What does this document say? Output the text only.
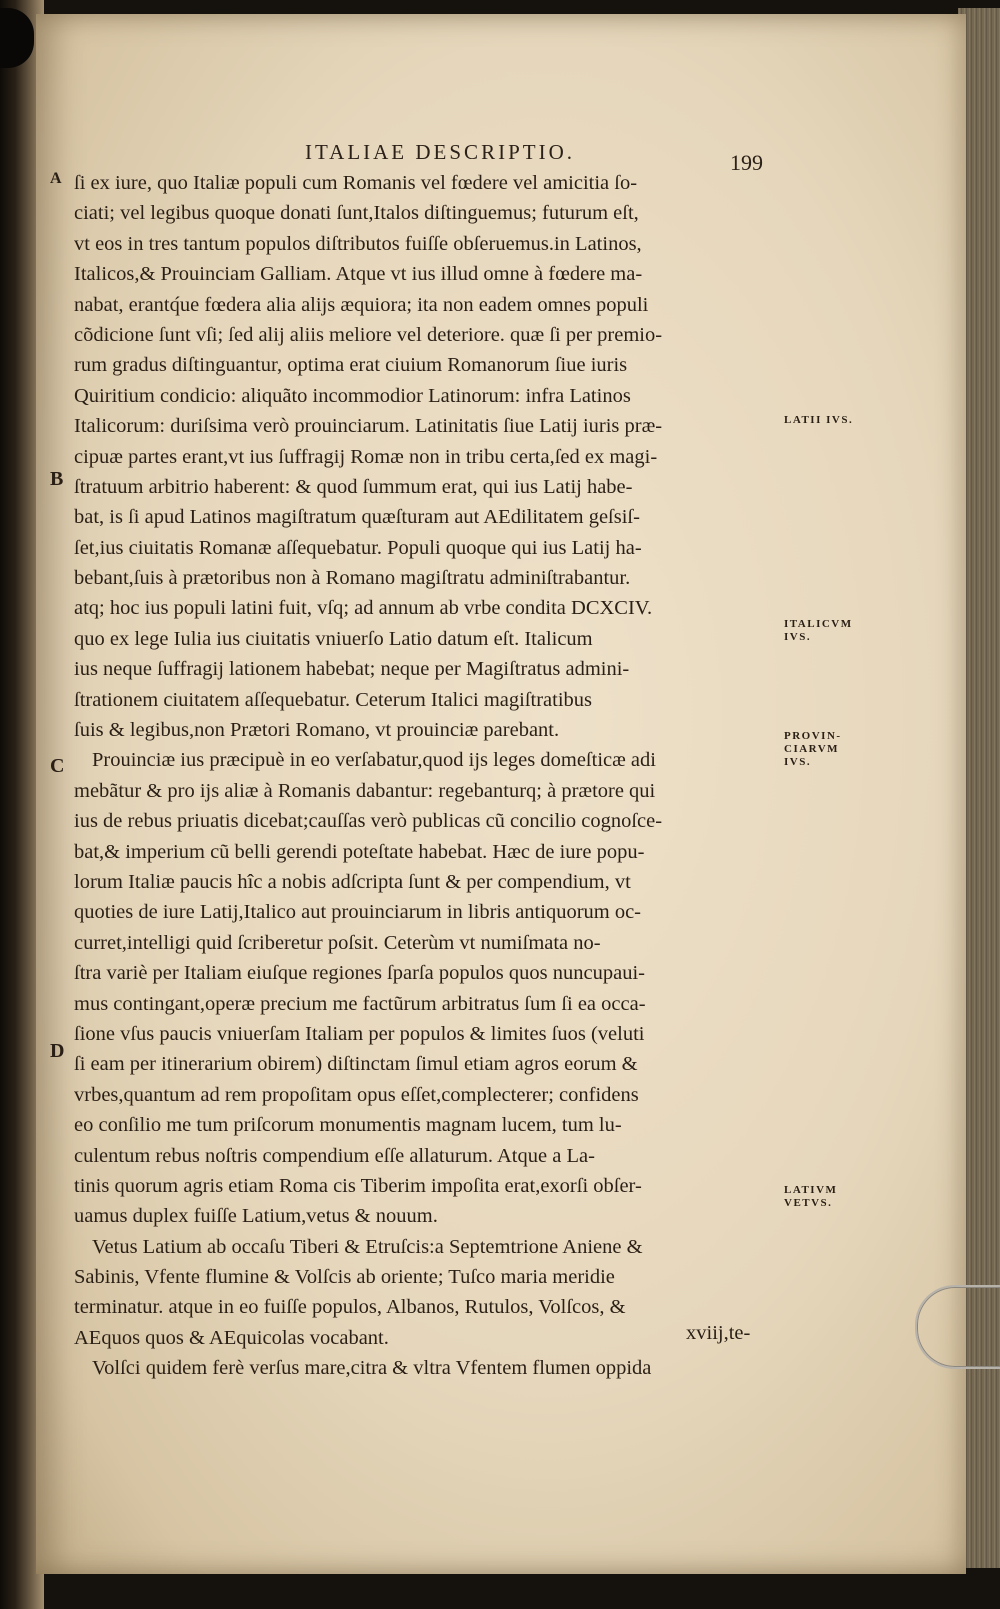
ITALIAE DESCRIPTIO.	199
A
B
C
D
ſi ex iure, quo Italiæ populi cum Romanis vel fœdere vel amicitia ſo-
ciati; vel legibus quoque donati ſunt,Italos diſtinguemus; futurum eſt,
vt eos in tres tantum populos diſtributos fuiſſe obſeruemus.in Latinos,
Italicos,& Prouinciam Galliam. Atque vt ius illud omne à fœdere ma-
nabat, erantq́ue fœdera alia alijs æquiora; ita non eadem omnes populi
cõdicione ſunt vſi; ſed alij aliis meliore vel deteriore. quæ ſi per premio-
rum gradus diſtinguantur, optima erat ciuium Romanorum ſiue iuris
Quiritium condicio: aliquãto incommodior Latinorum: infra Latinos
Italicorum: duriſsima verò prouinciarum. Latinitatis ſiue Latij iuris præ-
cipuæ partes erant,vt ius ſuffragij Romæ non in tribu certa,ſed ex magi-
ſtratuum arbitrio haberent: & quod ſummum erat, qui ius Latij habe-
bat, is ſi apud Latinos magiſtratum quæſturam aut AEdilitatem geſsiſ-
ſet,ius ciuitatis Romanæ aſſequebatur. Populi quoque qui ius Latij ha-
bebant,ſuis à prætoribus non à Romano magiſtratu adminiſtrabantur.
atq; hoc ius populi latini fuit, vſq; ad annum ab vrbe condita DCXCIV.
quo ex lege Iulia ius ciuitatis vniuerſo Latio datum eſt. Italicum
ius neque ſuffragij lationem habebat; neque per Magiſtratus admini-
ſtrationem ciuitatem aſſequebatur. Ceterum Italici magiſtratibus
ſuis & legibus,non Prætori Romano, vt prouinciæ parebant.
Prouinciæ ius præcipuè in eo verſabatur,quod ijs leges domeſticæ adi
mebãtur & pro ijs aliæ à Romanis dabantur: regebanturq; à prætore qui
ius de rebus priuatis dicebat;cauſſas verò publicas cũ concilio cognoſce-
bat,& imperium cũ belli gerendi poteſtate habebat. Hæc de iure popu-
lorum Italiæ paucis hîc a nobis adſcripta ſunt & per compendium, vt
quoties de iure Latij,Italico aut prouinciarum in libris antiquorum oc-
curret,intelligi quid ſcriberetur poſsit. Ceterùm vt numiſmata no-
ſtra variè per Italiam eiuſque regiones ſparſa populos quos nuncupaui-
mus contingant,operæ precium me factũrum arbitratus ſum ſi ea occa-
ſione vſus paucis vniuerſam Italiam per populos & limites ſuos (veluti
ſi eam per itinerarium obirem) diſtinctam ſimul etiam agros eorum &
vrbes,quantum ad rem propoſitam opus eſſet,complecterer; confidens
eo conſilio me tum priſcorum monumentis magnam lucem, tum lu-
culentum rebus noſtris compendium eſſe allaturum. Atque a La-
tinis quorum agris etiam Roma cis Tiberim impoſita erat,exorſi obſer-
uamus duplex fuiſſe Latium,vetus & nouum.
Vetus Latium ab occaſu Tiberi & Etruſcis:a Septemtrione Aniene &
Sabinis, Vfente flumine & Volſcis ab oriente; Tuſco maria meridie
terminatur. atque in eo fuiſſe populos, Albanos, Rutulos, Volſcos, &
AEquos quos & AEquicolas vocabant.
Volſci quidem ferè verſus mare,citra & vltra Vfentem flumen oppida
xviij,te-
LATII IVS.
ITALICVM
IVS.
PROVIN-
CIARVM
IVS.
LATIVM
VETVS.
